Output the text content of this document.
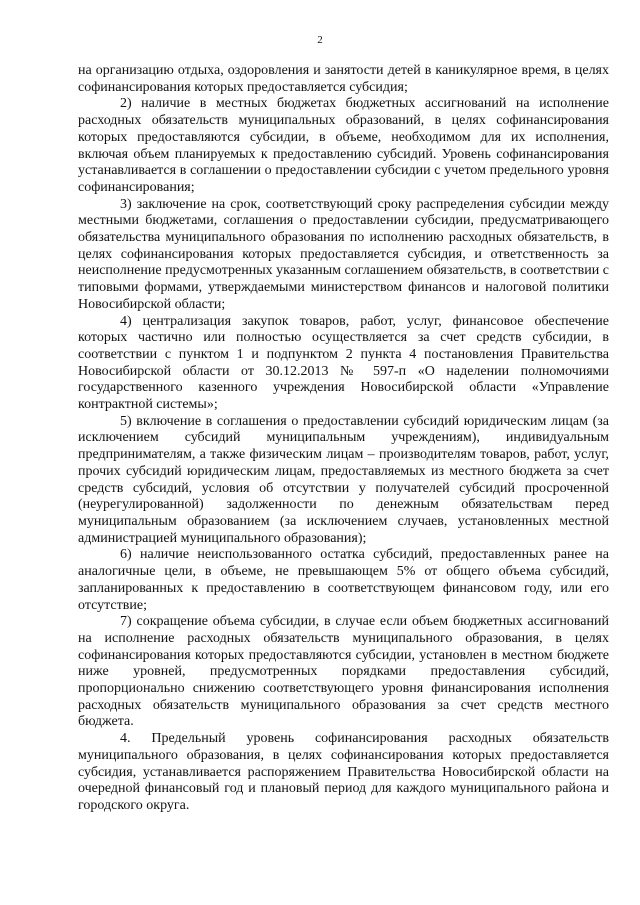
2

на организацию отдыха, оздоровления и занятости детей в каникулярное время, в целях софинансирования которых предоставляется субсидия;

2) наличие в местных бюджетах бюджетных ассигнований на исполнение расходных обязательств муниципальных образований, в целях софинансирования которых предоставляются субсидии, в объеме, необходимом для их исполнения, включая объем планируемых к предоставлению субсидий. Уровень софинансирования устанавливается в соглашении о предоставлении субсидии с учетом предельного уровня софинансирования;

3) заключение на срок, соответствующий сроку распределения субсидии между местными бюджетами, соглашения о предоставлении субсидии, предусматривающего обязательства муниципального образования по исполнению расходных обязательств, в целях софинансирования которых предоставляется субсидия, и ответственность за неисполнение предусмотренных указанным соглашением обязательств, в соответствии с типовыми формами, утверждаемыми министерством финансов и налоговой политики Новосибирской области;

4) централизация закупок товаров, работ, услуг, финансовое обеспечение которых частично или полностью осуществляется за счет средств субсидии, в соответствии с пунктом 1 и подпунктом 2 пункта 4 постановления Правительства Новосибирской области от 30.12.2013 № 597-п «О наделении полномочиями государственного казенного учреждения Новосибирской области «Управление контрактной системы»;

5) включение в соглашения о предоставлении субсидий юридическим лицам (за исключением субсидий муниципальным учреждениям), индивидуальным предпринимателям, а также физическим лицам – производителям товаров, работ, услуг, прочих субсидий юридическим лицам, предоставляемых из местного бюджета за счет средств субсидий, условия об отсутствии у получателей субсидий просроченной (неурегулированной) задолженности по денежным обязательствам перед муниципальным образованием (за исключением случаев, установленных местной администрацией муниципального образования);

6) наличие неиспользованного остатка субсидий, предоставленных ранее на аналогичные цели, в объеме, не превышающем 5% от общего объема субсидий, запланированных к предоставлению в соответствующем финансовом году, или его отсутствие;

7) сокращение объема субсидии, в случае если объем бюджетных ассигнований на исполнение расходных обязательств муниципального образования, в целях софинансирования которых предоставляются субсидии, установлен в местном бюджете ниже уровней, предусмотренных порядками предоставления субсидий, пропорционально снижению соответствующего уровня финансирования исполнения расходных обязательств муниципального образования за счет средств местного бюджета.

4. Предельный уровень софинансирования расходных обязательств муниципального образования, в целях софинансирования которых предоставляется субсидия, устанавливается распоряжением Правительства Новосибирской области на очередной финансовый год и плановый период для каждого муниципального района и городского округа.
